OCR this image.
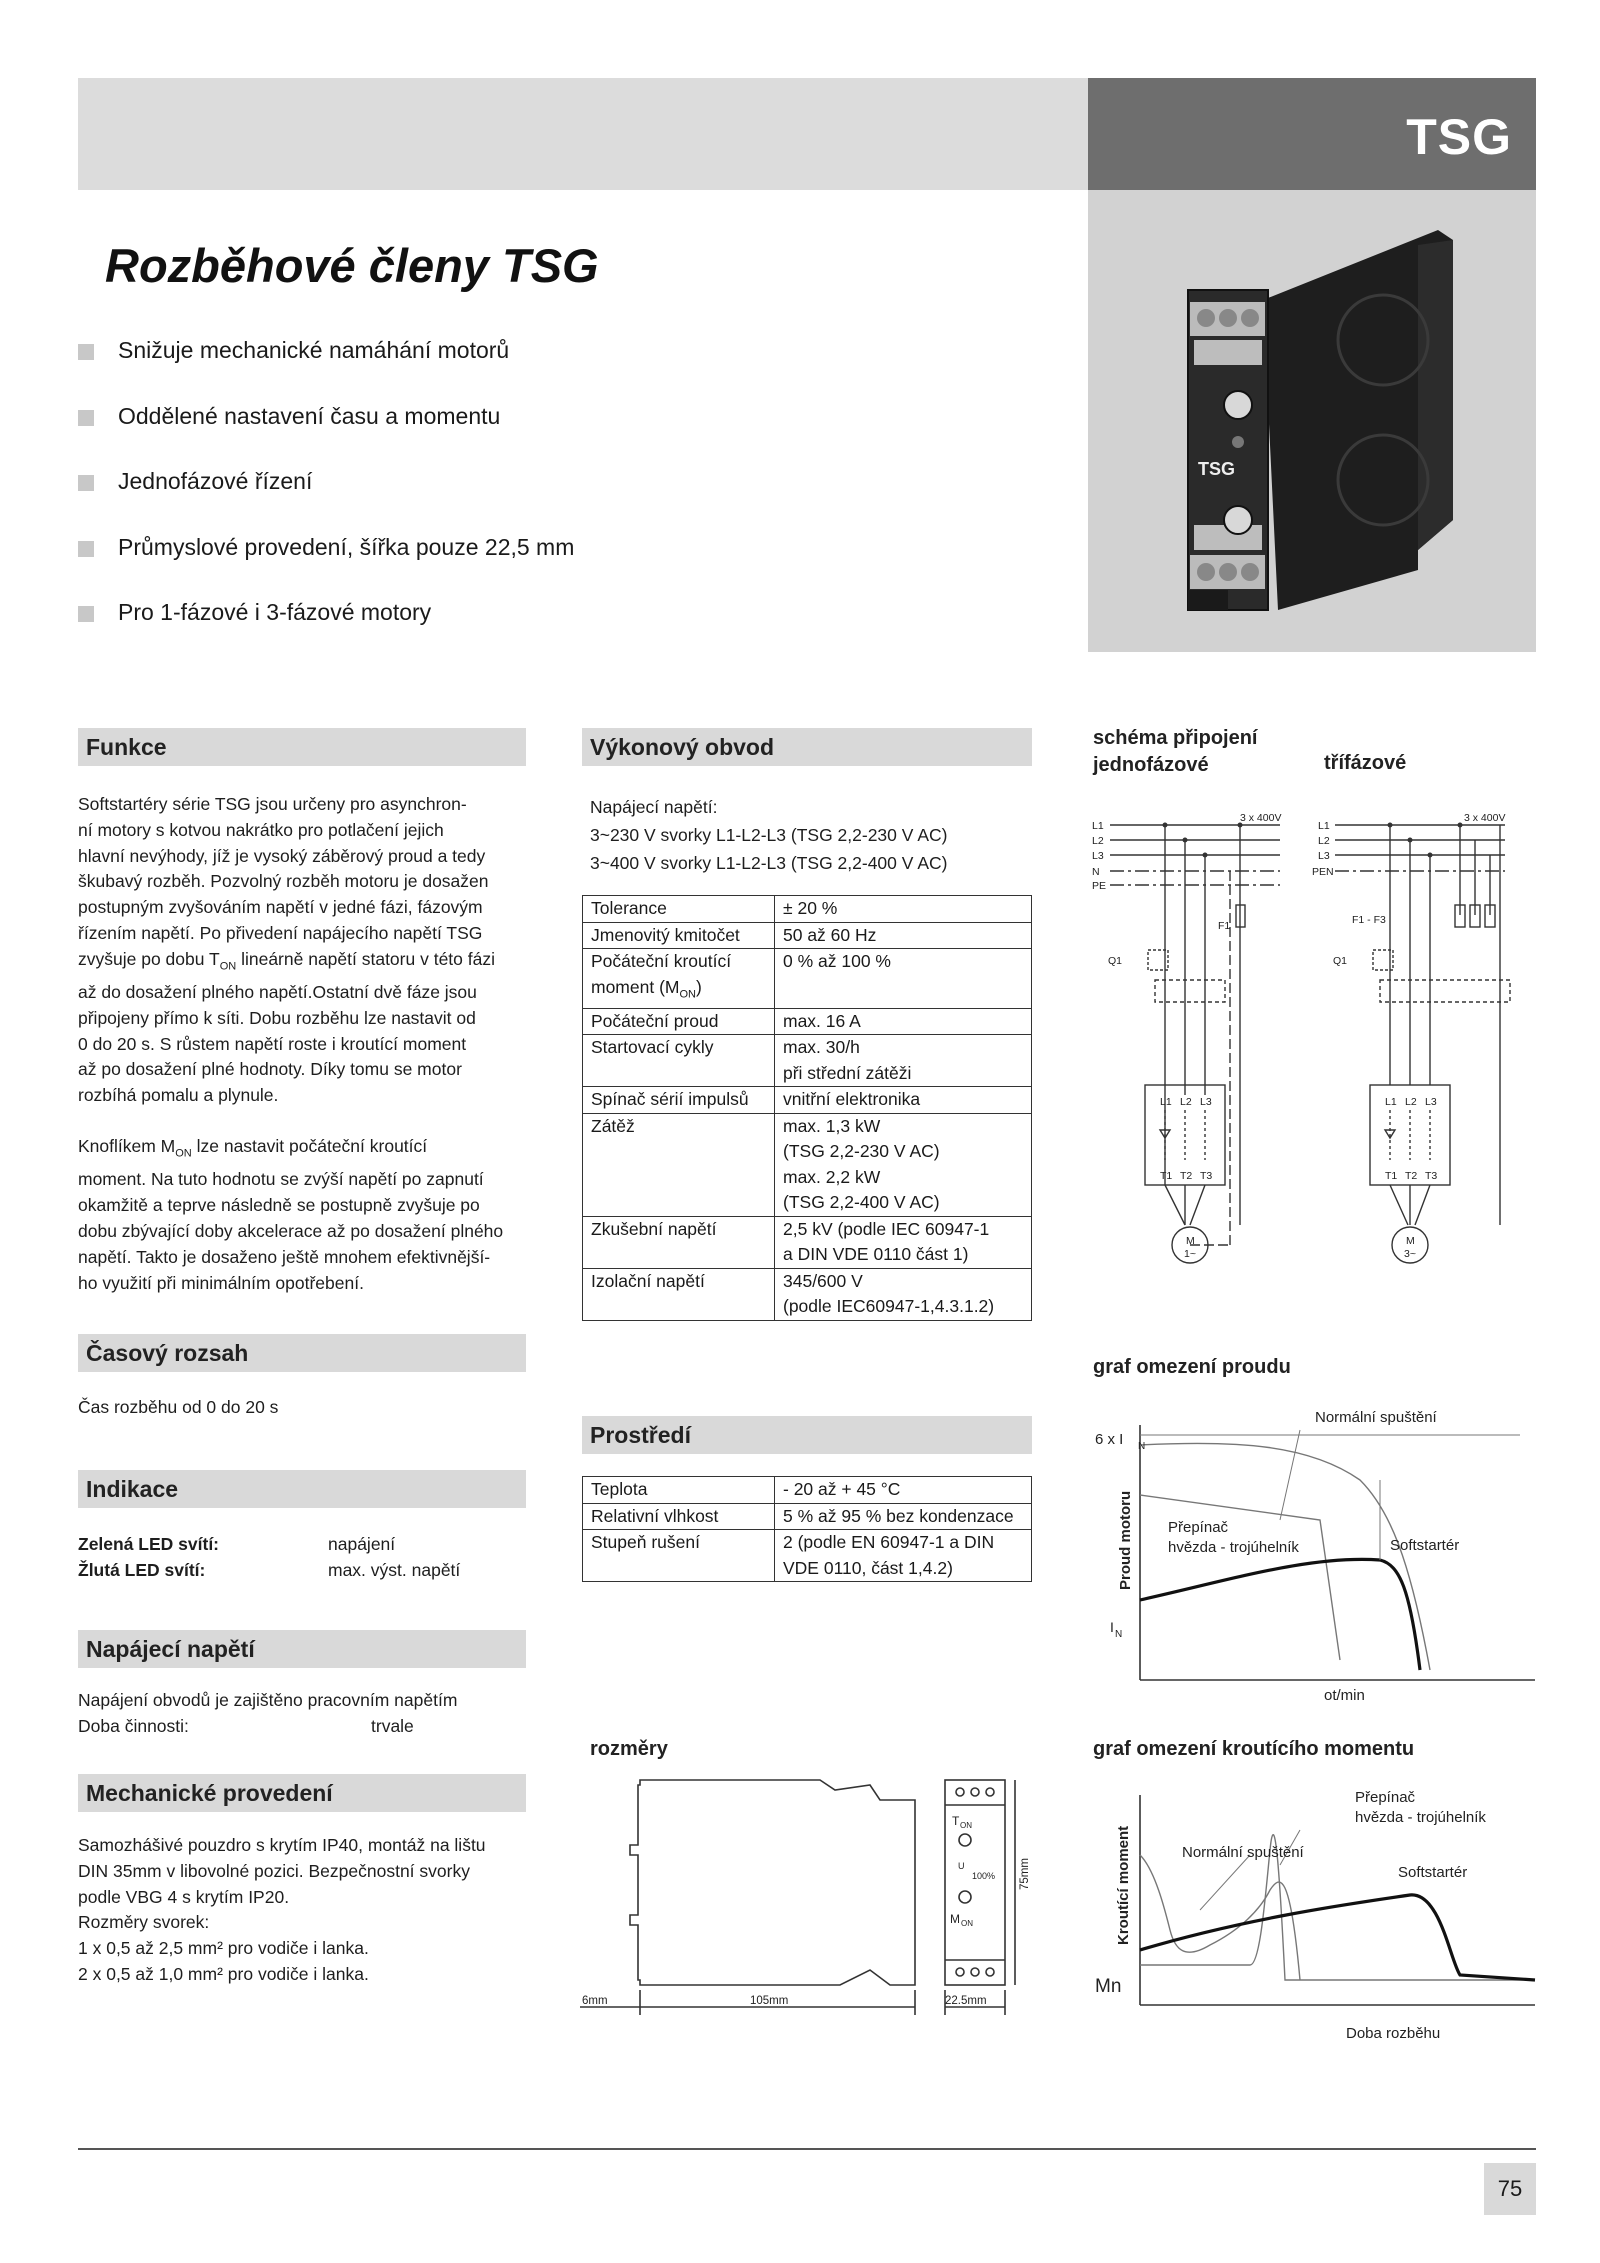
TSG
TSG
Rozběhové členy TSG
Snižuje mechanické namáhání motorů
Oddělené nastavení času a momentu
Jednofázové řízení
Průmyslové provedení, šířka pouze 22,5 mm
Pro 1-fázové i 3-fázové motory
Funkce
Softstartéry série TSG jsou určeny pro asynchron-
ní motory s kotvou nakrátko pro potlačení jejich
hlavní nevýhody, jíž je vysoký záběrový proud a tedy
škubavý rozběh. Pozvolný rozběh motoru je dosažen
postupným zvyšováním napětí v jedné fázi, fázovým
řízením napětí. Po přivedení napájecího napětí TSG
zvyšuje po dobu $T_{ON}$ lineárně napětí statoru v této fázi
až do dosažení plného napětí.Ostatní dvě fáze jsou
připojeny přímo k síti. Dobu rozběhu lze nastavit od
0 do 20 s. S růstem napětí roste i kroutící moment
až po dosažení plné hodnoty. Díky tomu se motor
rozbíhá pomalu a plynule.
Knoflíkem $M_{ON}$ lze nastavit počáteční kroutící
moment. Na tuto hodnotu se zvýší napětí po zapnutí
okamžitě a teprve následně se postupně zvyšuje po
dobu zbývající doby akcelerace až po dosažení plného
napětí. Takto je dosaženo ještě mnohem efektivnější-
ho využití při minimálním opotřebení.
Časový rozsah
Čas rozběhu od 0 do 20 s
Indikace
Zelená LED svítí:	napájení
Žlutá LED svítí:	max. výst. napětí
Napájecí napětí
Napájení obvodů je zajištěno pracovním napětím
Doba činnosti:	trvale
Mechanické provedení
Samozhášivé pouzdro s krytím IP40, montáž na lištu
DIN 35mm v libovolné pozici. Bezpečnostní svorky
podle VBG 4 s krytím IP20.
Rozměry svorek:
1 x 0,5 až 2,5 mm² pro vodiče i lanka.
2 x 0,5 až 1,0 mm² pro vodiče i lanka.
Výkonový obvod
Napájecí napětí:
3~230 V svorky L1-L2-L3 (TSG 2,2-230 V AC)
3~400 V svorky L1-L2-L3 (TSG 2,2-400 V AC)
Tolerance	± 20 %

Jmenovitý kmitočet	50 až 60 Hz

Počáteční kroutící
moment $(M_{ON})$	0 % až 100 %

Počáteční proud	max. 16 A

Startovací cykly	max. 30/h
při střední zátěži

Spínač sérií impulsů	vnitřní elektronika

Zátěž	max. 1,3 kW
(TSG 2,2-230 V AC)
max. 2,2 kW
(TSG 2,2-400 V AC)

Zkušební napětí	2,5 kV (podle IEC 60947-1
a DIN VDE 0110 část 1)

Izolační napětí	345/600 V
(podle IEC60947-1,4.3.1.2)
Prostředí
Teplota	- 20 až + 45 °C

Relativní vlhkost	5 % až 95 % bez kondenzace

Stupeň rušení	2 (podle EN 60947-1 a DIN
VDE 0110, část 1,4.2)
rozměry
6mm	105mm	22.5mm
75mm
T ON
U
100%
M ON
schéma připojení
jednofázové	třífázové
L1
L2
L3
N
PE
L1
L2
L3
PEN
3 x 400V	3 x 400V
F1	F1 - F3
Q1	Q1
L1 L2 L3
T1 T2 T3
L1 L2 L3
T1 T2 T3
M
1~
M
3~
graf omezení proudu
6 x I N
I N
Proud motoru
Normální spuštění
Přepínač
hvězda - trojúhelník	Softstartér
ot/min
graf omezení kroutícího momentu
Mn
Kroutící moment	Normální spuštění
Přepínač
hvězda - trojúhelník
Softstartér
Doba rozběhu
75
